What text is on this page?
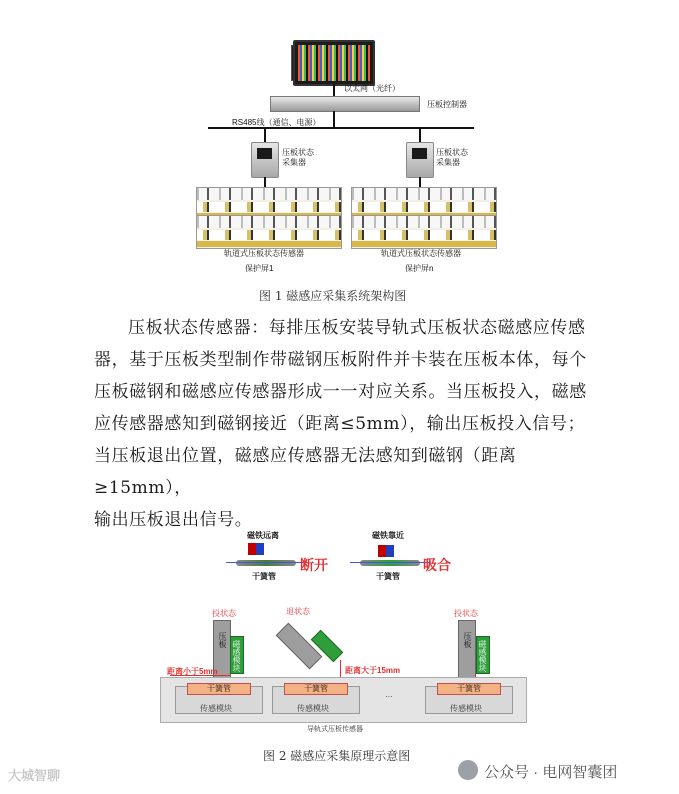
以太网（光纤）
压板控制器
RS485线（通信、电源）
压板状态
采集器
压板状态
采集器
轨道式压板状态传感器
保护屏1
轨道式压板状态传感器
保护屏n
图 1 磁感应采集系统架构图

压板状态传感器：每排压板安装导轨式压板状态磁感应传感

器，基于压板类型制作带磁钢压板附件并卡装在压板本体，每个

压板磁钢和磁感应传感器形成一一对应关系。当压板投入，磁感

应传感器感知到磁钢接近（距离≤5mm），输出压板投入信号；

当压板退出位置，磁感应传感器无法感知到磁钢（距离≥15mm），

输出压板退出信号。

磁铁远离
干簧管
断开
磁铁靠近
干簧管
吸合
投状态	退状态	投状态
压板 磁感模块
距离小于5mm	距离大于15mm
压板 磁感模块
干簧管	干簧管	干簧管
传感模块	传感模块	传感模块
…
导轨式压板传感器
图 2 磁感应采集原理示意图
大城智聊	公众号 · 电网智囊团
